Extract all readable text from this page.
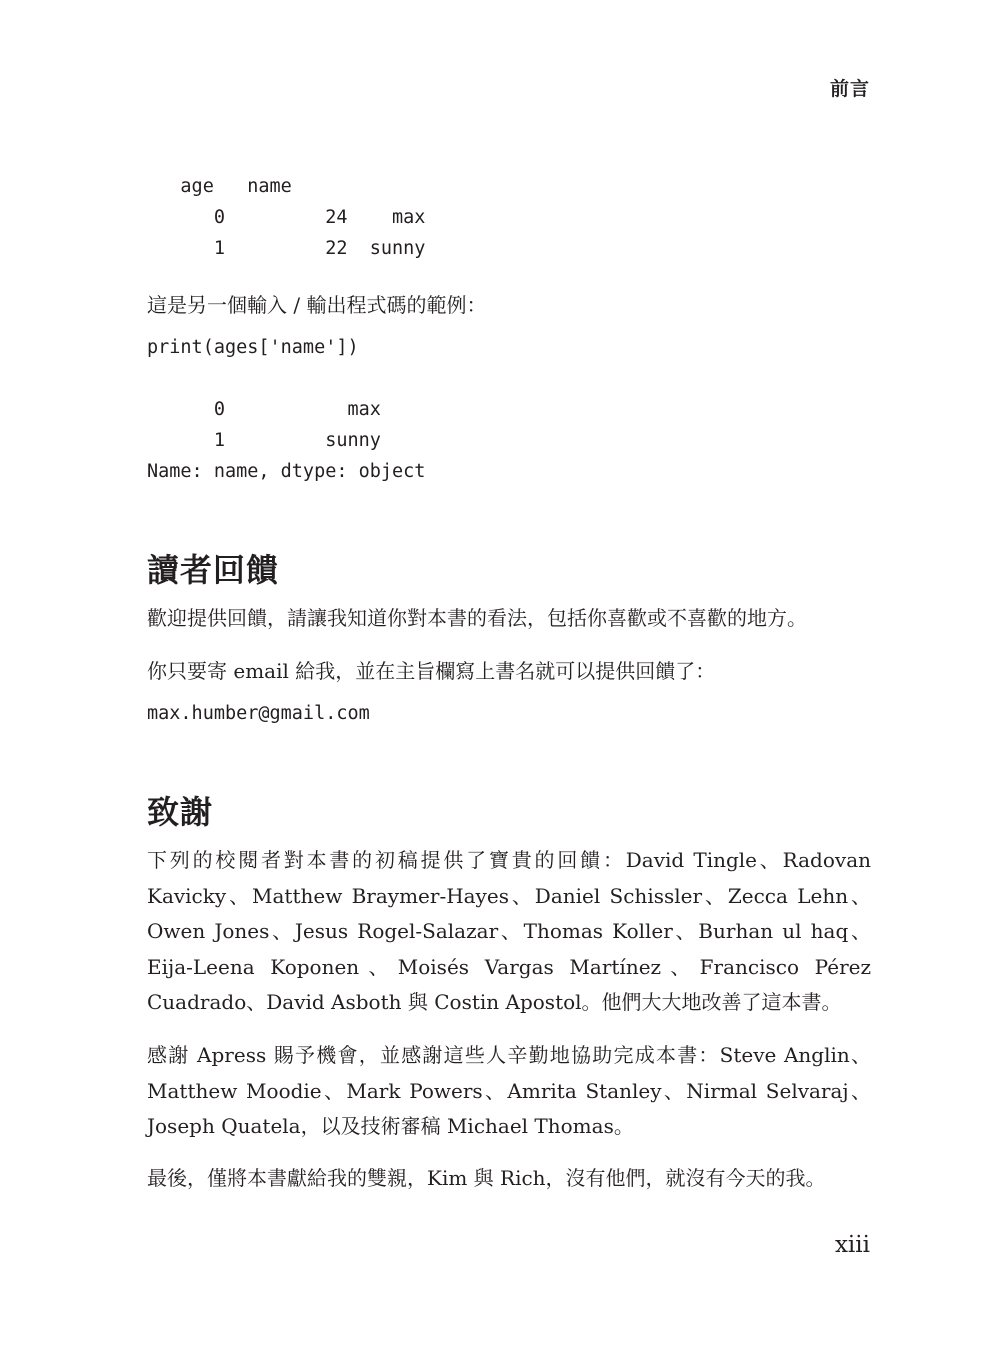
前言
age   name
0         24    max
1         22  sunny

這是另一個輸入 / 輸出程式碼的範例：

print(ages['name'])
0           max
1         sunny
Name: name, dtype: object
讀者回饋

歡迎提供回饋，請讓我知道你對本書的看法，包括你喜歡或不喜歡的地方。

你只要寄 email 給我，並在主旨欄寫上書名就可以提供回饋了：

max.humber@gmail.com
致謝

下列的校閱者對本書的初稿提供了寶貴的回饋：David Tingle、Radovan Kavicky、Matthew Braymer-Hayes、Daniel Schissler、Zecca Lehn、Owen Jones、Jesus Rogel-Salazar、Thomas Koller、Burhan ul haq、Eija-Leena Koponen、Moisés Vargas Martínez、Francisco Pérez Cuadrado、David Asboth 與 Costin Apostol。他們大大地改善了這本書。

感謝 Apress 賜予機會，並感謝這些人辛勤地協助完成本書：Steve Anglin、Matthew Moodie、Mark Powers、Amrita Stanley、Nirmal Selvaraj、Joseph Quatela，以及技術審稿 Michael Thomas。

最後，僅將本書獻給我的雙親，Kim 與 Rich，沒有他們，就沒有今天的我。

xiii
